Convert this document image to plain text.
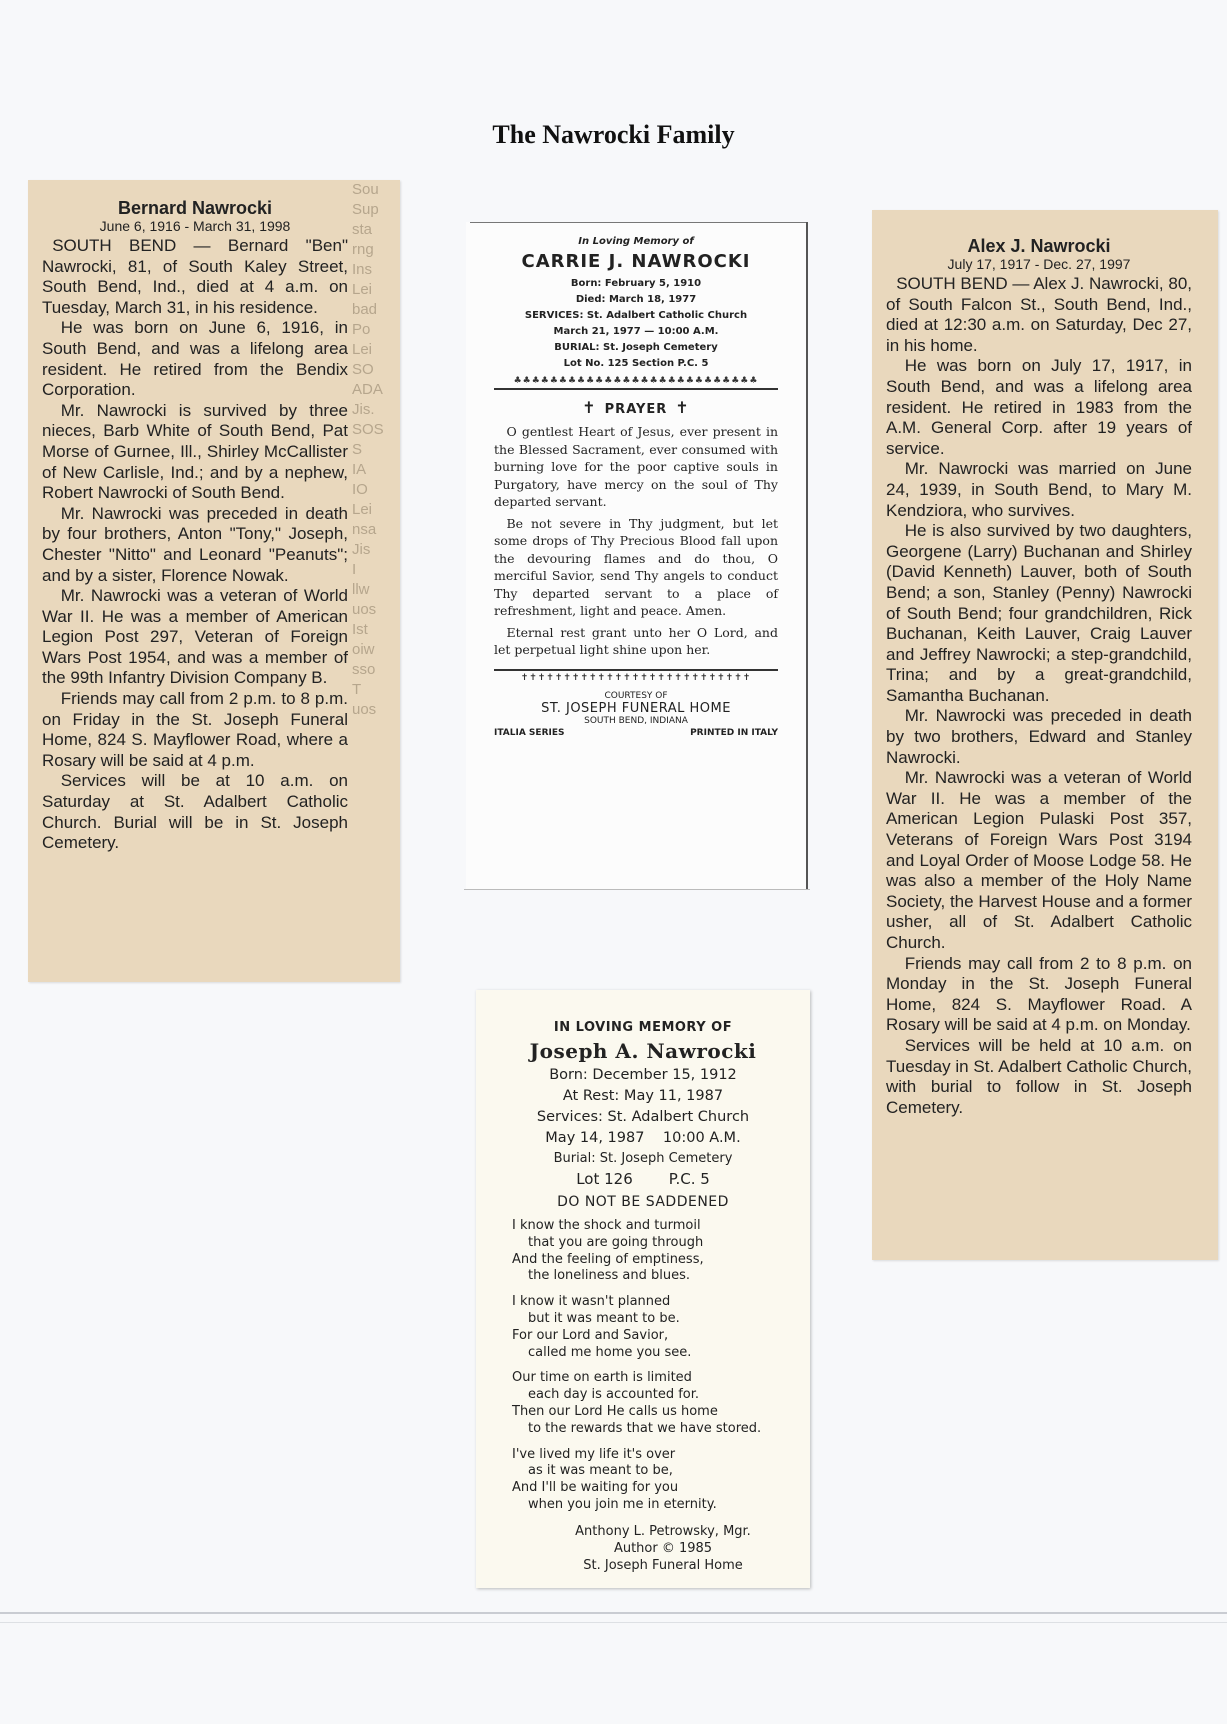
The Nawrocki Family
Bernard Nawrocki
June 6, 1916 - March 31, 1998

SOUTH BEND — Bernard "Ben" Nawrocki, 81, of South Kaley Street, South Bend, Ind., died at 4 a.m. on Tuesday, March 31, in his residence.

He was born on June 6, 1916, in South Bend, and was a lifelong area resident. He retired from the Bendix Corporation.

Mr. Nawrocki is survived by three nieces, Barb White of South Bend, Pat Morse of Gurnee, Ill., Shirley McCallister of New Carlisle, Ind.; and by a nephew, Robert Nawrocki of South Bend.

Mr. Nawrocki was preceded in death by four brothers, Anton "Tony," Joseph, Chester "Nitto" and Leonard "Peanuts"; and by a sister, Florence Nowak.

Mr. Nawrocki was a veteran of World War II. He was a member of American Legion Post 297, Veteran of Foreign Wars Post 1954, and was a member of the 99th Infantry Division Company B.

Friends may call from 2 p.m. to 8 p.m. on Friday in the St. Joseph Funeral Home, 824 S. Mayflower Road, where a Rosary will be said at 4 p.m.

Services will be at 10 a.m. on Saturday at St. Adalbert Catholic Church. Burial will be in St. Joseph Cemetery.

Sou
Sup
sta
rng
Ins
Lei
bad
Po
Lei
SO
ADA
Jis.
SOS
S
IA
IO
Lei
nsa
Jis
I
llw
uos
Ist
oiw
sso
T
uos
In Loving Memory of
CARRIE J. NAWROCKI
Born: February 5, 1910
Died: March 18, 1977
SERVICES: St. Adalbert Catholic Church
March 21, 1977 — 10:00 A.M.
BURIAL: St. Joseph Cemetery
Lot No. 125 Section P.C. 5
♣♣♣♣♣♣♣♣♣♣♣♣♣♣♣♣♣♣♣♣♣♣♣♣♣♣♣
✝ PRAYER ✝

O gentlest Heart of Jesus, ever present in the Blessed Sacrament, ever consumed with burning love for the poor captive souls in Purgatory, have mercy on the soul of Thy departed servant.

Be not severe in Thy judgment, but let some drops of Thy Precious Blood fall upon the devouring flames and do thou, O merciful Savior, send Thy angels to conduct Thy departed servant to a place of refreshment, light and peace. Amen.

Eternal rest grant unto her O Lord, and let perpetual light shine upon her.

✝✝✝✝✝✝✝✝✝✝✝✝✝✝✝✝✝✝✝✝✝✝✝✝✝✝✝
COURTESY OF
ST. JOSEPH FUNERAL HOME
SOUTH BEND, INDIANA
ITALIA SERIES	PRINTED IN ITALY
IN LOVING MEMORY OF
Joseph A. Nawrocki
Born: December 15, 1912
At Rest: May 11, 1987
Services: St. Adalbert Church
May 14, 1987    10:00 A.M.
Burial: St. Joseph Cemetery
Lot 126 P.C. 5
DO NOT BE SADDENED
I know the shock and turmoil
that you are going through
And the feeling of emptiness,
the loneliness and blues.
I know it wasn't planned
but it was meant to be.
For our Lord and Savior,
called me home you see.
Our time on earth is limited
each day is accounted for.
Then our Lord He calls us home
to the rewards that we have stored.
I've lived my life it's over
as it was meant to be,
And I'll be waiting for you
when you join me in eternity.
Anthony L. Petrowsky, Mgr.
Author © 1985
St. Joseph Funeral Home
Alex J. Nawrocki
July 17, 1917 - Dec. 27, 1997

SOUTH BEND — Alex J. Nawrocki, 80, of South Falcon St., South Bend, Ind., died at 12:30 a.m. on Saturday, Dec 27, in his home.

He was born on July 17, 1917, in South Bend, and was a lifelong area resident. He retired in 1983 from the A.M. General Corp. after 19 years of service.

Mr. Nawrocki was married on June 24, 1939, in South Bend, to Mary M. Kendziora, who survives.

He is also survived by two daughters, Georgene (Larry) Buchanan and Shirley (David Kenneth) Lauver, both of South Bend; a son, Stanley (Penny) Nawrocki of South Bend; four grandchildren, Rick Buchanan, Keith Lauver, Craig Lauver and Jeffrey Nawrocki; a step-grandchild, Trina; and by a great-grandchild, Samantha Buchanan.

Mr. Nawrocki was preceded in death by two brothers, Edward and Stanley Nawrocki.

Mr. Nawrocki was a veteran of World War II. He was a member of the American Legion Pulaski Post 357, Veterans of Foreign Wars Post 3194 and Loyal Order of Moose Lodge 58. He was also a member of the Holy Name Society, the Harvest House and a former usher, all of St. Adalbert Catholic Church.

Friends may call from 2 to 8 p.m. on Monday in the St. Joseph Funeral Home, 824 S. Mayflower Road. A Rosary will be said at 4 p.m. on Monday.

Services will be held at 10 a.m. on Tuesday in St. Adalbert Catholic Church, with burial to follow in St. Joseph Cemetery.
